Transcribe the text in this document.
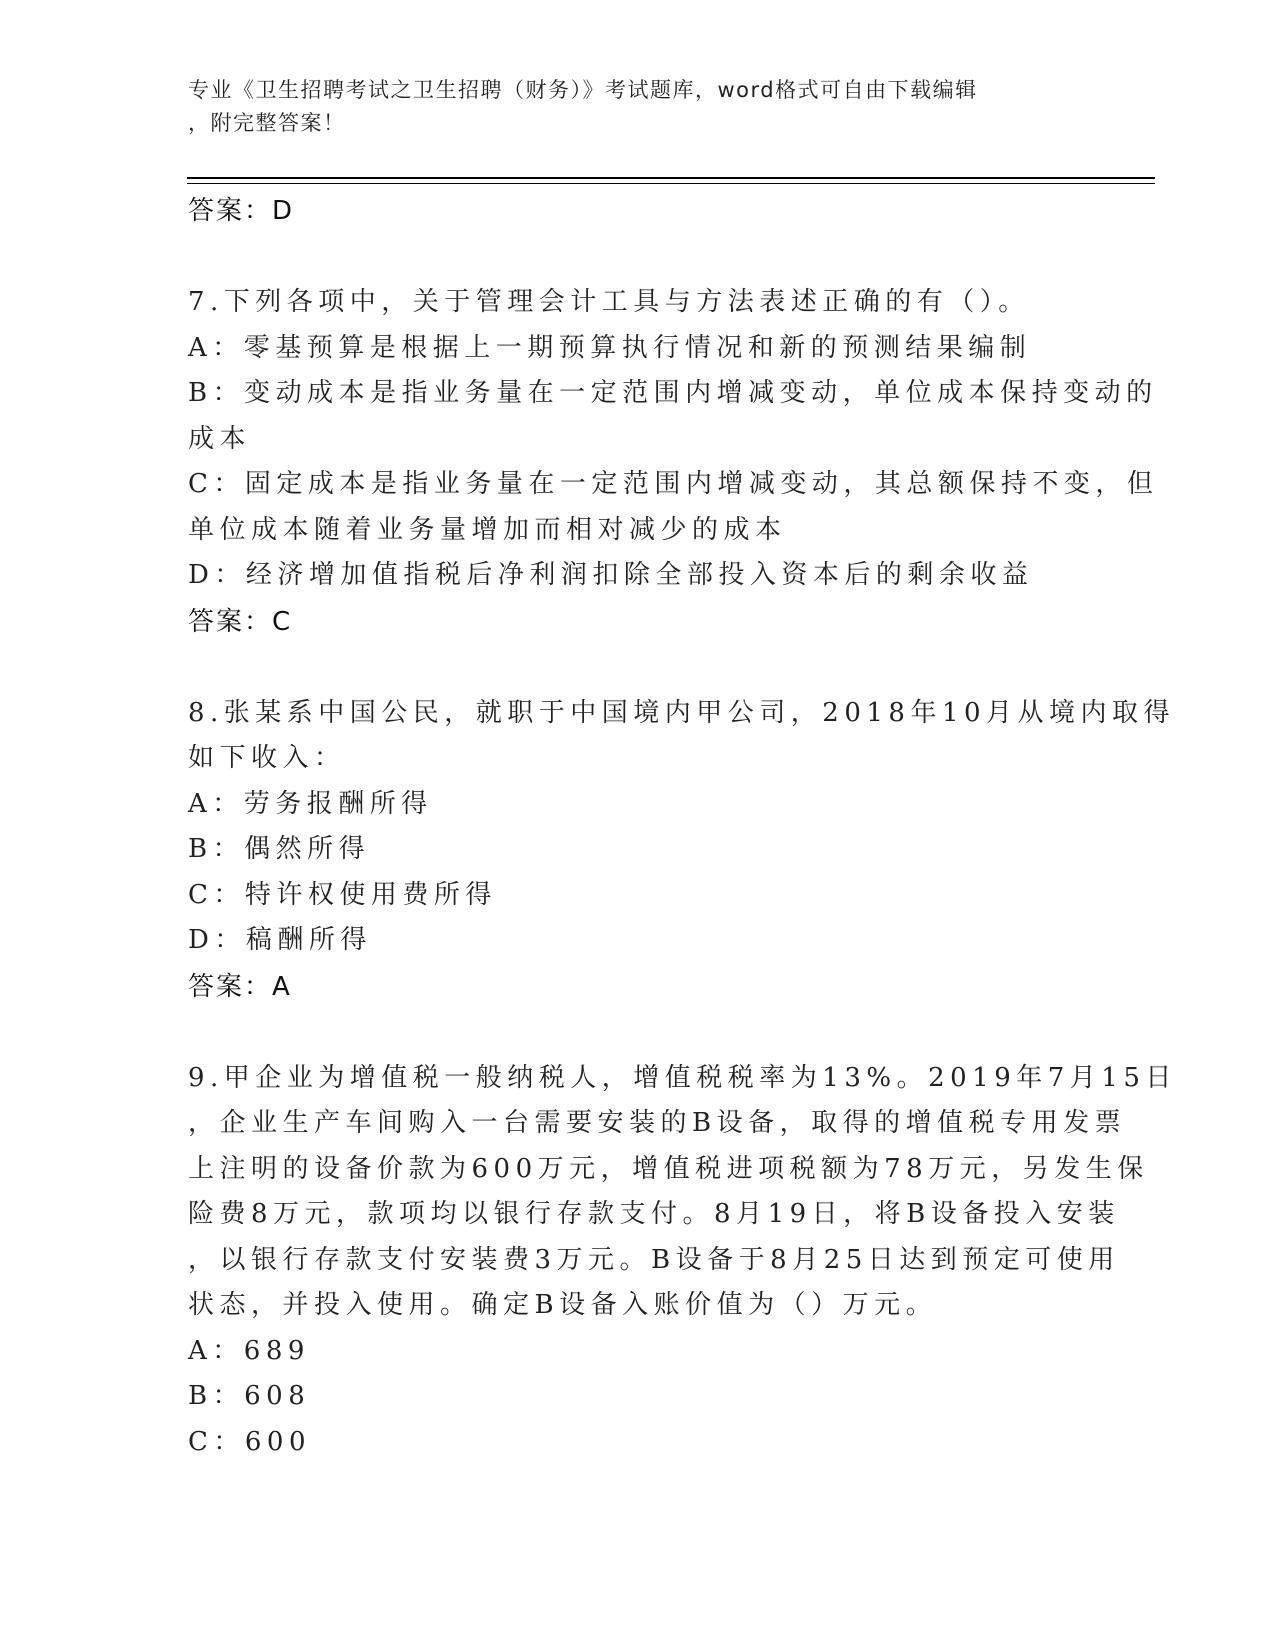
专业《卫生招聘考试之卫生招聘（财务）》考试题库，word格式可自由下载编辑
，附完整答案！
答案：D
7.下列各项中，关于管理会计工具与方法表述正确的有（）。
A：零基预算是根据上一期预算执行情况和新的预测结果编制
B：变动成本是指业务量在一定范围内增减变动，单位成本保持变动的
成本
C：固定成本是指业务量在一定范围内增减变动，其总额保持不变，但
单位成本随着业务量增加而相对减少的成本
D：经济增加值指税后净利润扣除全部投入资本后的剩余收益
答案：C
8.张某系中国公民，就职于中国境内甲公司，2018年10月从境内取得
如下收入：
A：劳务报酬所得
B：偶然所得
C：特许权使用费所得
D：稿酬所得
答案：A
9.甲企业为增值税一般纳税人，增值税税率为13%。2019年7月15日
，企业生产车间购入一台需要安装的B设备，取得的增值税专用发票
上注明的设备价款为600万元，增值税进项税额为78万元，另发生保
险费8万元，款项均以银行存款支付。8月19日，将B设备投入安装
，以银行存款支付安装费3万元。B设备于8月25日达到预定可使用
状态，并投入使用。确定B设备入账价值为（）万元。
A：689
B：608
C：600
